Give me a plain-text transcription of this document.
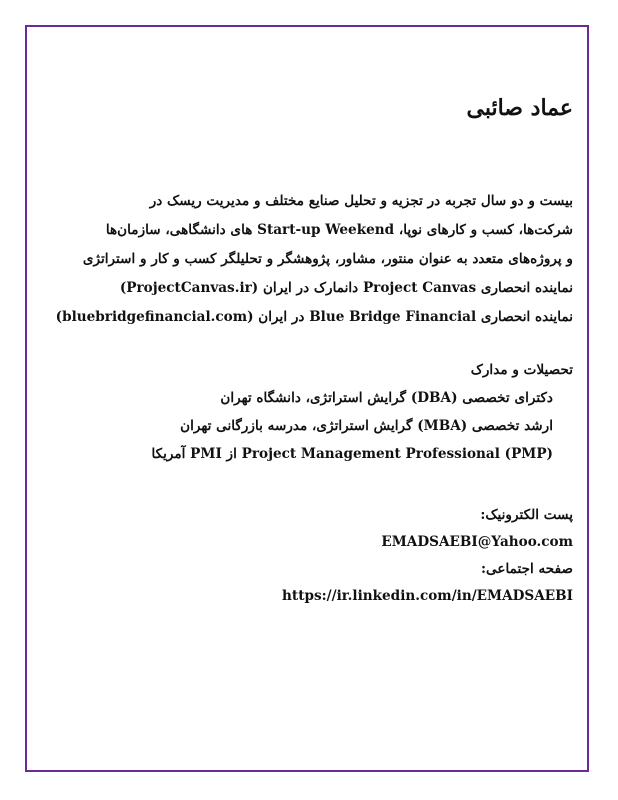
عماد صائبی
بیست و دو سال تجربه در تجزیه و تحلیل صنایع مختلف و مدیریت ریسک در
شرکت‌ها، کسب و کارهای نوپا، Start-up Weekend های دانشگاهی، سازمان‌ها
و پروژه‌های متعدد به عنوان منتور، مشاور، پژوهشگر و تحلیلگر کسب و کار و استراتژی
نماینده انحصاری Project Canvas دانمارک در ایران (ProjectCanvas.ir)
نماینده انحصاری Blue Bridge Financial در ایران (bluebridgefinancial.com)
تحصیلات و مدارک
دکترای تخصصی (DBA) گرایش استراتژی، دانشگاه تهران
ارشد تخصصی (MBA) گرایش استراتژی، مدرسه بازرگانی تهران
Project Management Professional (PMP) از PMI آمریکا
پست الکترونیک:
EMADSAEBI@Yahoo.com
صفحه اجتماعی:
https://ir.linkedin.com/in/EMADSAEBI
